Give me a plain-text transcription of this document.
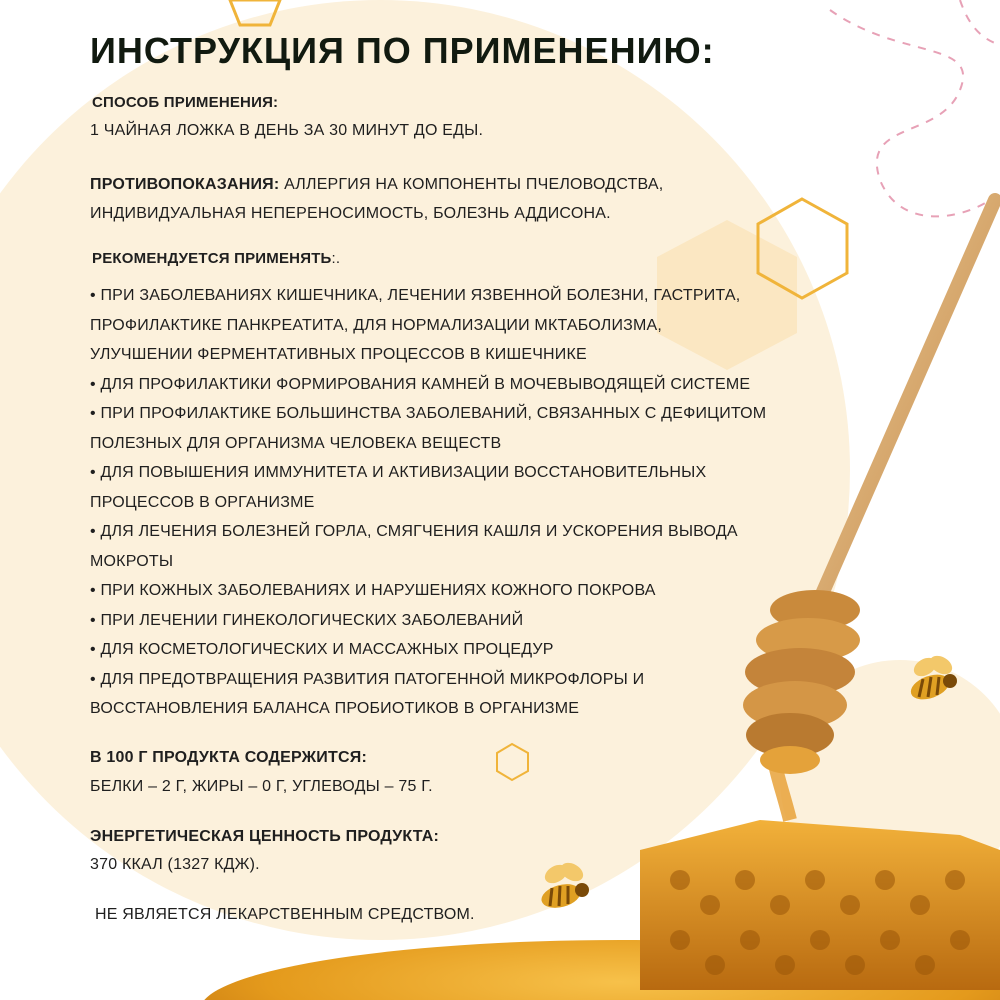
ИНСТРУКЦИЯ ПО ПРИМЕНЕНИЮ:
СПОСОБ ПРИМЕНЕНИЯ:
1 ЧАЙНАЯ ЛОЖКА В ДЕНЬ ЗА 30 МИНУТ ДО ЕДЫ.
ПРОТИВОПОКАЗАНИЯ: АЛЛЕРГИЯ НА КОМПОНЕНТЫ ПЧЕЛОВОДСТВА,
ИНДИВИДУАЛЬНАЯ НЕПЕРЕНОСИМОСТЬ, БОЛЕЗНЬ АДДИСОНА.
РЕКОМЕНДУЕТСЯ ПРИМЕНЯТЬ:.
• ПРИ ЗАБОЛЕВАНИЯХ КИШЕЧНИКА, ЛЕЧЕНИИ ЯЗВЕННОЙ БОЛЕЗНИ, ГАСТРИТА,
ПРОФИЛАКТИКЕ ПАНКРЕАТИТА, ДЛЯ НОРМАЛИЗАЦИИ МКТАБОЛИЗМА,
УЛУЧШЕНИИ ФЕРМЕНТАТИВНЫХ ПРОЦЕССОВ В КИШЕЧНИКЕ
• ДЛЯ ПРОФИЛАКТИКИ ФОРМИРОВАНИЯ КАМНЕЙ В МОЧЕВЫВОДЯЩЕЙ СИСТЕМЕ
• ПРИ ПРОФИЛАКТИКЕ БОЛЬШИНСТВА ЗАБОЛЕВАНИЙ, СВЯЗАННЫХ С ДЕФИЦИТОМ
ПОЛЕЗНЫХ ДЛЯ ОРГАНИЗМА ЧЕЛОВЕКА ВЕЩЕСТВ
• ДЛЯ ПОВЫШЕНИЯ ИММУНИТЕТА И АКТИВИЗАЦИИ ВОССТАНОВИТЕЛЬНЫХ
ПРОЦЕССОВ В ОРГАНИЗМЕ
• ДЛЯ ЛЕЧЕНИЯ БОЛЕЗНЕЙ ГОРЛА, СМЯГЧЕНИЯ КАШЛЯ И УСКОРЕНИЯ ВЫВОДА
МОКРОТЫ
• ПРИ КОЖНЫХ ЗАБОЛЕВАНИЯХ И НАРУШЕНИЯХ КОЖНОГО ПОКРОВА
• ПРИ ЛЕЧЕНИИ ГИНЕКОЛОГИЧЕСКИХ ЗАБОЛЕВАНИЙ
• ДЛЯ КОСМЕТОЛОГИЧЕСКИХ И МАССАЖНЫХ ПРОЦЕДУР
• ДЛЯ ПРЕДОТВРАЩЕНИЯ РАЗВИТИЯ ПАТОГЕННОЙ МИКРОФЛОРЫ И
ВОССТАНОВЛЕНИЯ БАЛАНСА ПРОБИОТИКОВ В ОРГАНИЗМЕ
В 100 Г ПРОДУКТА СОДЕРЖИТСЯ:
БЕЛКИ – 2 Г, ЖИРЫ – 0 Г, УГЛЕВОДЫ – 75 Г.
ЭНЕРГЕТИЧЕСКАЯ ЦЕННОСТЬ ПРОДУКТА:
370 ККАЛ (1327 КДЖ).
НЕ ЯВЛЯЕТСЯ ЛЕКАРСТВЕННЫМ СРЕДСТВОМ.
